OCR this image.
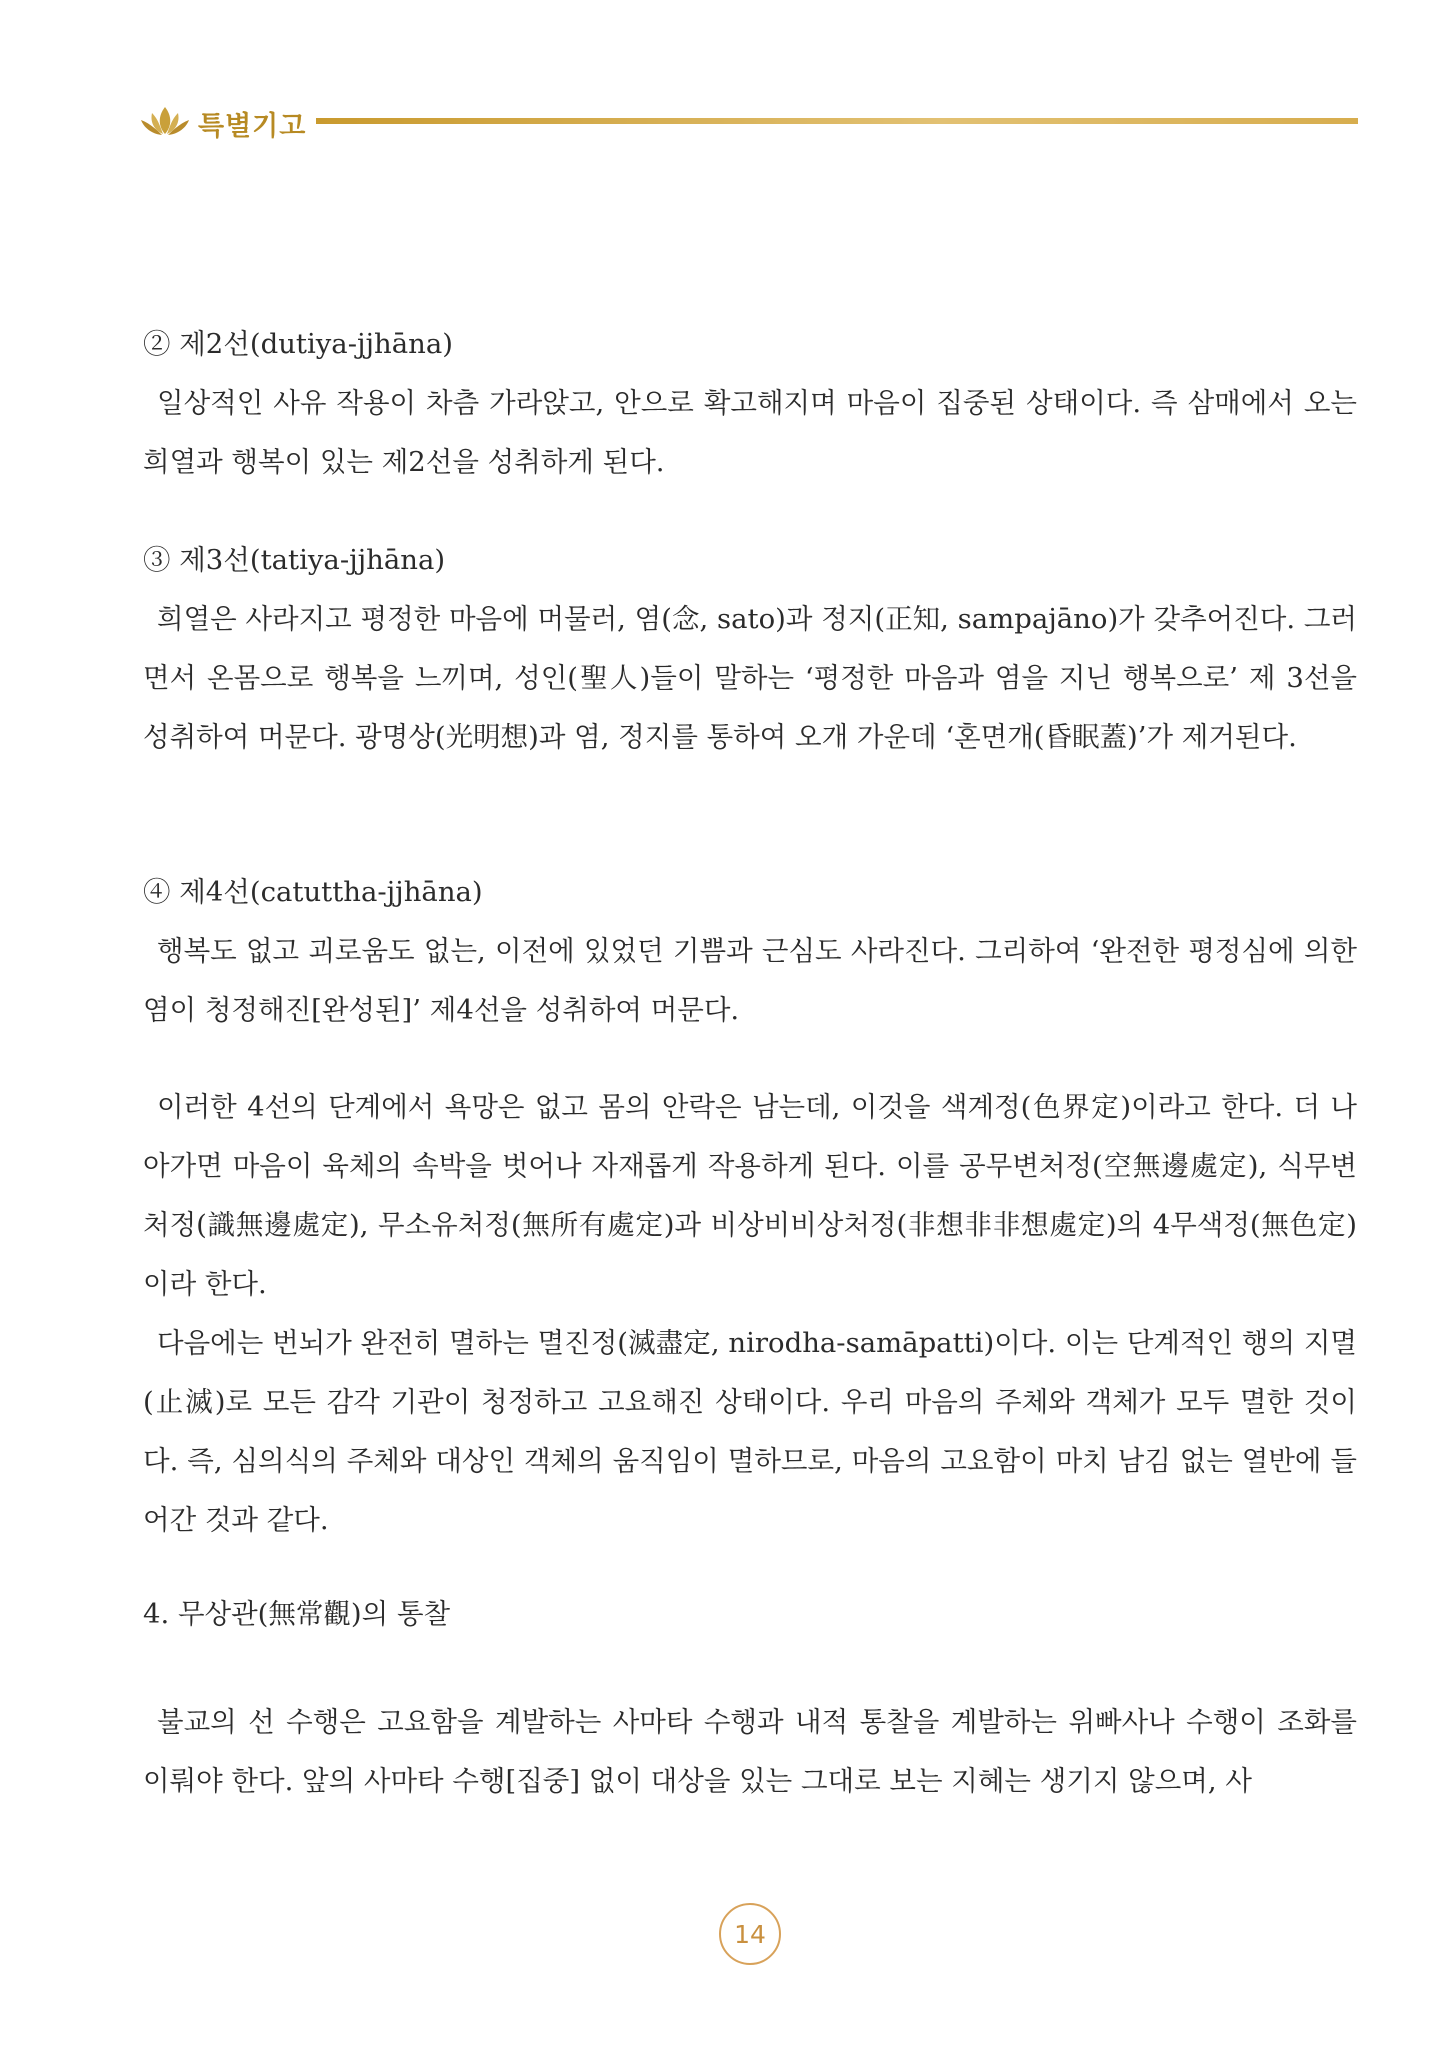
특별기고

② 제2선(dutiya-jjhāna)

일상적인 사유 작용이 차츰 가라앉고, 안으로 확고해지며 마음이 집중된 상태이다. 즉 삼매에서 오는 희열과 행복이 있는 제2선을 성취하게 된다.

③ 제3선(tatiya-jjhāna)

희열은 사라지고 평정한 마음에 머물러, 염(念, sato)과 정지(正知, sampajāno)가 갖추어진다. 그러면서 온몸으로 행복을 느끼며, 성인(聖人)들이 말하는 ‘평정한 마음과 염을 지닌 행복으로’ 제 3선을 성취하여 머문다. 광명상(光明想)과 염, 정지를 통하여 오개 가운데 ‘혼면개(昏眠蓋)’가 제거된다.

④ 제4선(catuttha-jjhāna)

행복도 없고 괴로움도 없는, 이전에 있었던 기쁨과 근심도 사라진다. 그리하여 ‘완전한 평정심에 의한 염이 청정해진[완성된]’ 제4선을 성취하여 머문다.

이러한 4선의 단계에서 욕망은 없고 몸의 안락은 남는데, 이것을 색계정(色界定)이라고 한다. 더 나아가면 마음이 육체의 속박을 벗어나 자재롭게 작용하게 된다. 이를 공무변처정(空無邊處定), 식무변처정(識無邊處定), 무소유처정(無所有處定)과 비상비비상처정(非想非非想處定)의 4무색정(無色定)이라 한다.

다음에는 번뇌가 완전히 멸하는 멸진정(滅盡定, nirodha-samāpatti)이다. 이는 단계적인 행의 지멸(止滅)로 모든 감각 기관이 청정하고 고요해진 상태이다. 우리 마음의 주체와 객체가 모두 멸한 것이다. 즉, 심의식의 주체와 대상인 객체의 움직임이 멸하므로, 마음의 고요함이 마치 남김 없는 열반에 들어간 것과 같다.

4. 무상관(無常觀)의 통찰

불교의 선 수행은 고요함을 계발하는 사마타 수행과 내적 통찰을 계발하는 위빠사나 수행이 조화를 이뤄야 한다. 앞의 사마타 수행[집중] 없이 대상을 있는 그대로 보는 지혜는 생기지 않으며, 사

14
